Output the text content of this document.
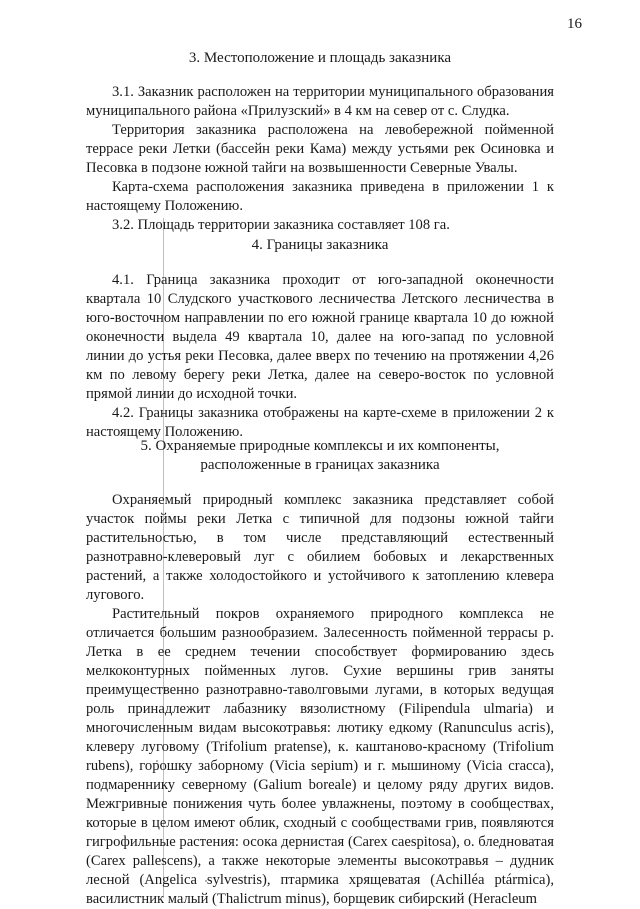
16
3. Местоположение и площадь заказника

3.1. Заказник расположен на территории муниципального образования муниципального района «Прилузский» в 4 км на север от с. Слудка.

Территория заказника расположена на левобережной пойменной террасе реки Летки (бассейн реки Кама) между устьями рек Осиновка и Песовка в подзоне южной тайги на возвышенности Северные Увалы.

Карта-схема расположения заказника приведена в приложении 1 к настоящему Положению.

3.2. Площадь территории заказника составляет 108 га.

4. Границы заказника

4.1. Граница заказника проходит от юго-западной оконечности квартала 10 Слудского участкового лесничества Летского лесничества в юго-восточном направлении по его южной границе квартала 10 до южной оконечности выдела 49 квартала 10, далее на юго-запад по условной линии до устья реки Песовка, далее вверх по течению на протяжении 4,26 км по левому берегу реки Летка, далее на северо-восток по условной прямой линии до исходной точки.

4.2. Границы заказника отображены на карте-схеме в приложении 2 к настоящему Положению.

5. Охраняемые природные комплексы и их компоненты,
расположенные в границах заказника

Охраняемый природный комплекс заказника представляет собой участок поймы реки Летка с типичной для подзоны южной тайги растительностью, в том числе представляющий естественный разнотравно-клеверовый луг с обилием бобовых и лекарственных растений, а также холодостойкого и устойчивого к затоплению клевера лугового.

Растительный покров охраняемого природного комплекса не отличается большим разнообразием. Залесенность пойменной террасы р. Летка в ее среднем течении способствует формированию здесь мелкоконтурных пойменных лугов. Сухие вершины грив заняты преимущественно разнотравно-таволговыми лугами, в которых ведущая роль принадлежит лабазнику вязолистному (Filipendula ulmaria) и многочисленным видам высокотравья: лютику едкому (Ranunculus acris), клеверу луговому (Trifolium pratense), к. каштаново-красному (Trifolium rubens), горошку заборному (Vicia sepium) и г. мышиному (Vicia cracca), подмареннику северному (Galium boreale) и целому ряду других видов. Межгривные понижения чуть более увлажнены, поэтому в сообществах, которые в целом имеют облик, сходный с сообществами грив, появляются гигрофильные растения: осока дернистая (Carex caespitosa), о. бледноватая (Carex pallescens), а также некоторые элементы высокотравья – дудник лесной (Angelica sylvestris), птармика хрящеватая (Achilléa ptármica), василистник малый (Thalictrum minus), борщевик сибирский (Heracleum
